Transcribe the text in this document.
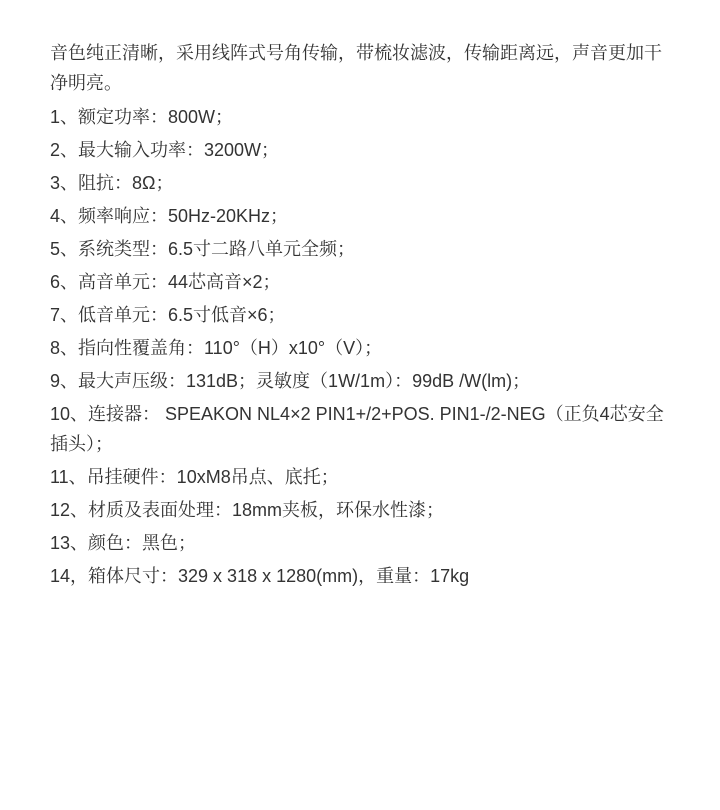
音色纯正清晰，采用线阵式号角传输，带梳妆滤波，传输距离远，声音更加干净明亮。

1、额定功率：800W；

2、最大输入功率：3200W；

3、阻抗：8Ω；

4、频率响应：50Hz-20KHz；

5、系统类型：6.5寸二路八单元全频；

6、高音单元：44芯高音×2；

7、低音单元：6.5寸低音×6；

8、指向性覆盖角：110°（H）x10°（V）；

9、最大声压级：131dB；灵敏度（1W/1m）：99dB /W(lm)；

10、连接器： SPEAKON NL4×2 PIN1+/2+POS. PIN1-/2-NEG（正负4芯安全插头）；

11、吊挂硬件：10xM8吊点、底托；

12、材质及表面处理：18mm夹板，环保水性漆；

13、颜色：黑色；

14，箱体尺寸：329 x 318 x 1280(mm)，重量：17kg
